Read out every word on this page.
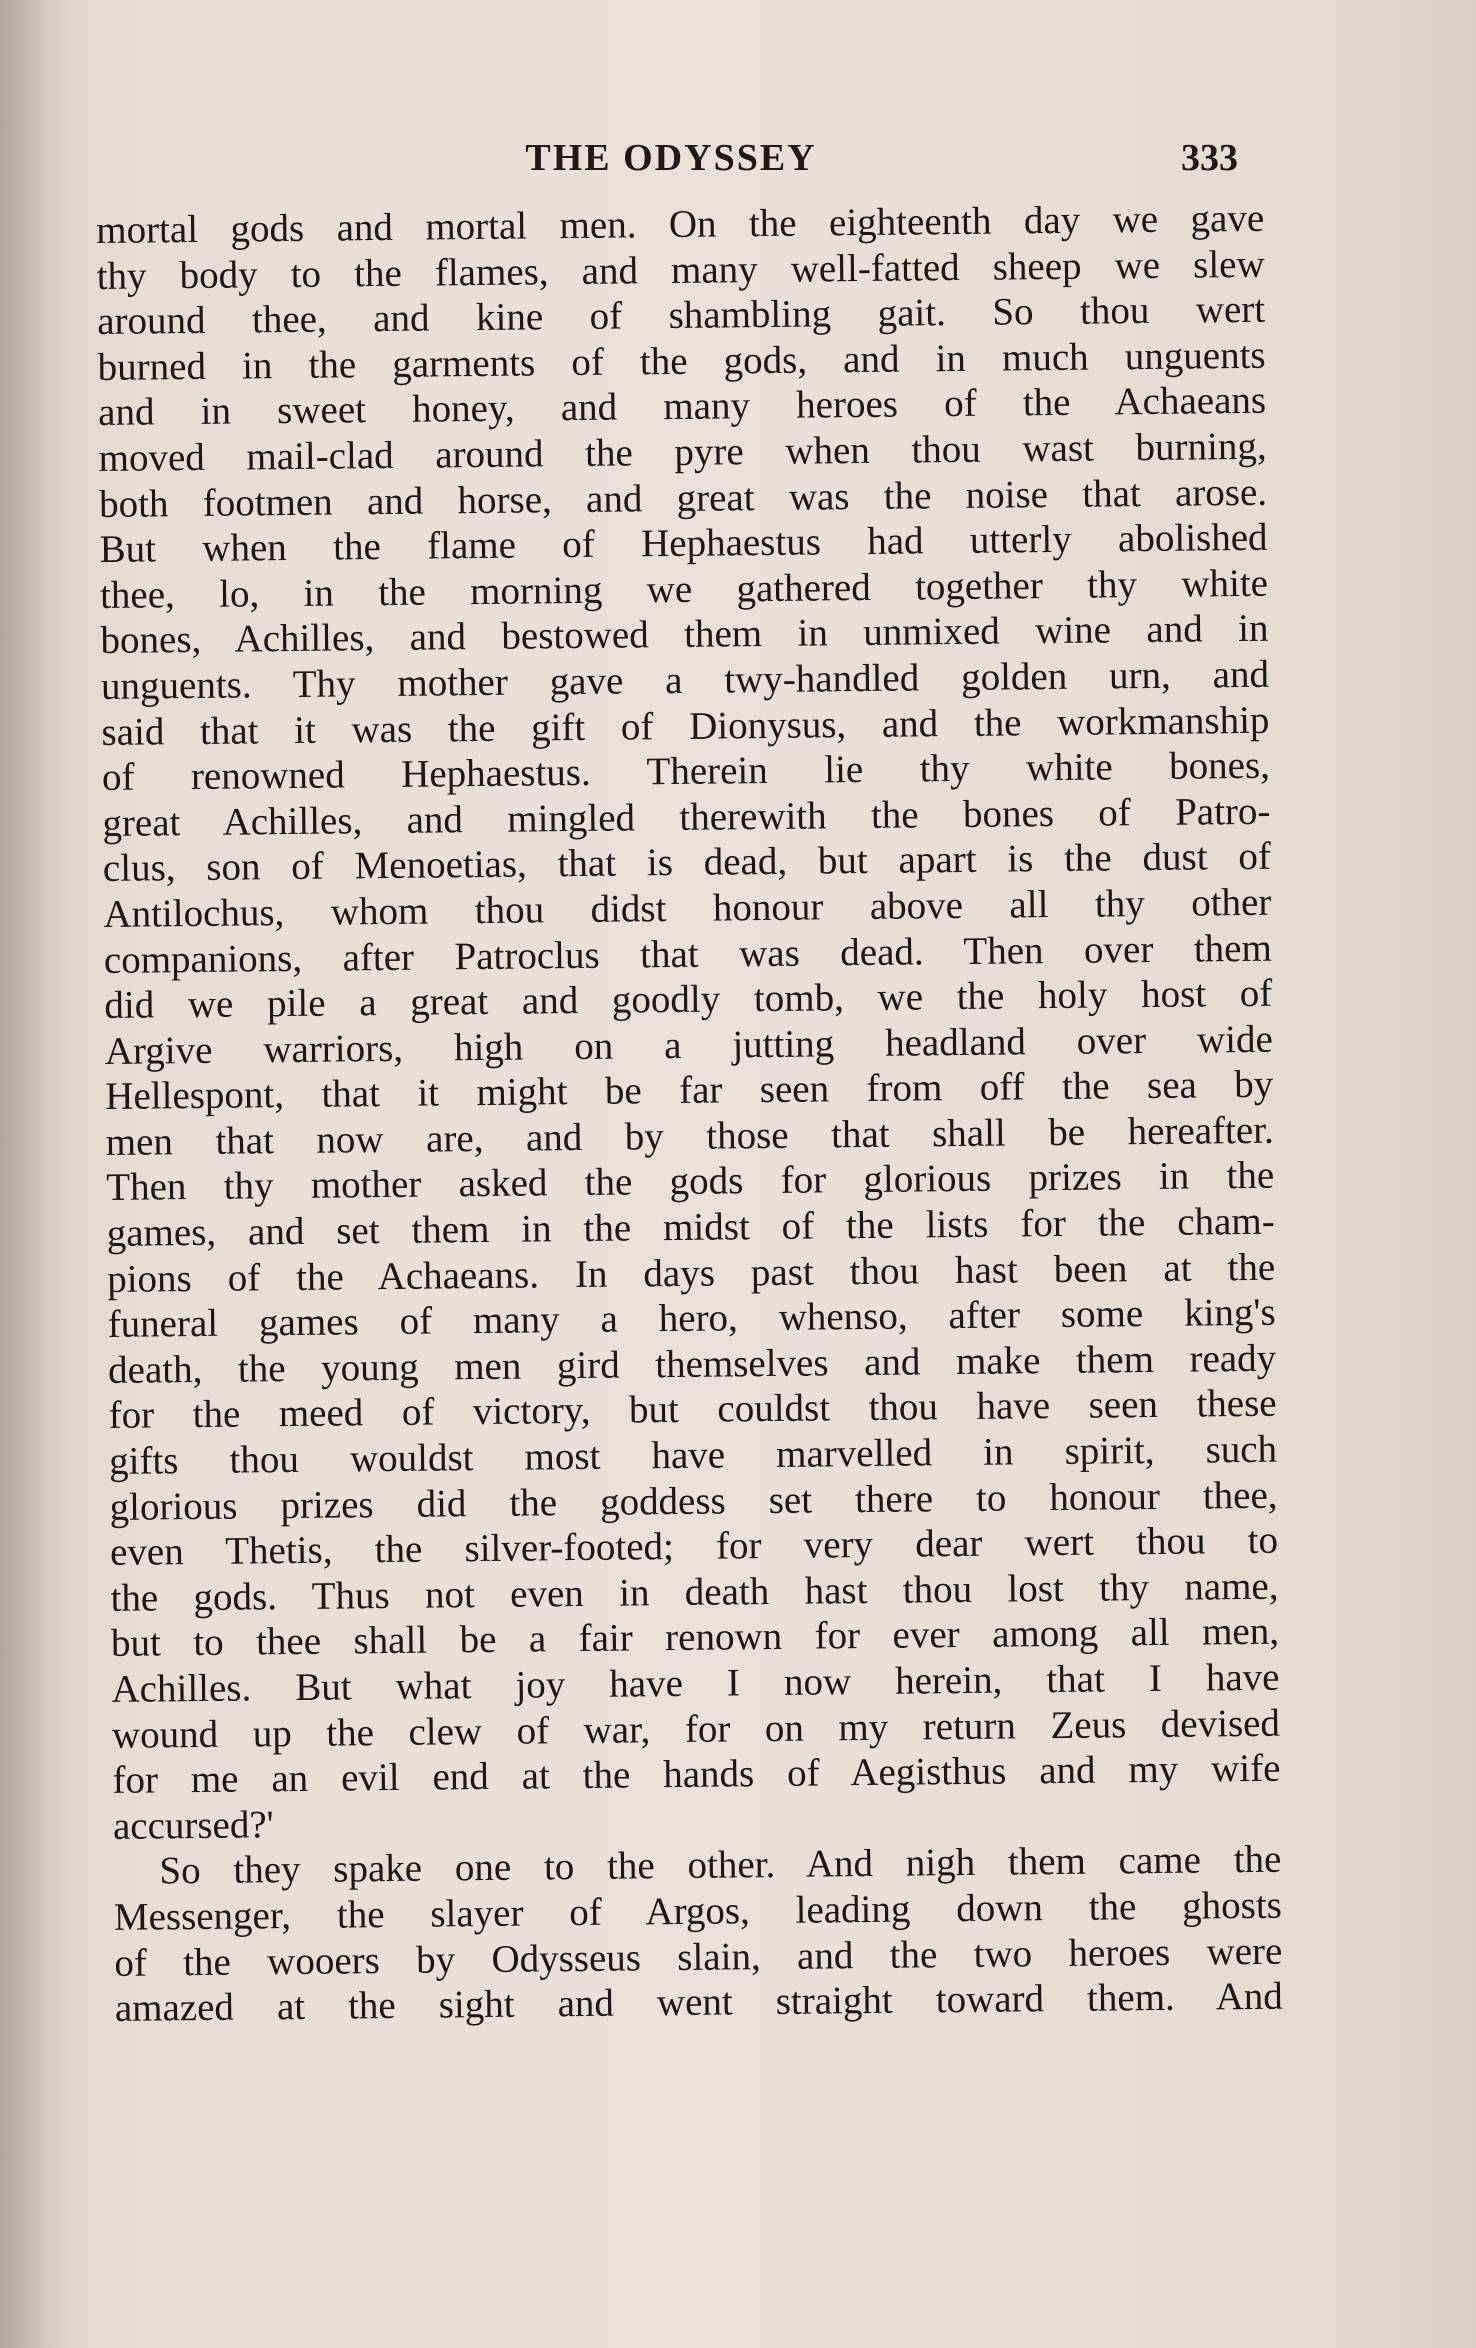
THE ODYSSEY	333
mortal gods and mortal men. On the eighteenth day we gave
thy body to the flames, and many well-fatted sheep we slew
around thee, and kine of shambling gait. So thou wert
burned in the garments of the gods, and in much unguents
and in sweet honey, and many heroes of the Achaeans
moved mail-clad around the pyre when thou wast burning,
both footmen and horse, and great was the noise that arose.
But when the flame of Hephaestus had utterly abolished
thee, lo, in the morning we gathered together thy white
bones, Achilles, and bestowed them in unmixed wine and in
unguents. Thy mother gave a twy-handled golden urn, and
said that it was the gift of Dionysus, and the workmanship
of renowned Hephaestus. Therein lie thy white bones,
great Achilles, and mingled therewith the bones of Patro-
clus, son of Menoetias, that is dead, but apart is the dust of
Antilochus, whom thou didst honour above all thy other
companions, after Patroclus that was dead. Then over them
did we pile a great and goodly tomb, we the holy host of
Argive warriors, high on a jutting headland over wide
Hellespont, that it might be far seen from off the sea by
men that now are, and by those that shall be hereafter.
Then thy mother asked the gods for glorious prizes in the
games, and set them in the midst of the lists for the cham-
pions of the Achaeans. In days past thou hast been at the
funeral games of many a hero, whenso, after some king's
death, the young men gird themselves and make them ready
for the meed of victory, but couldst thou have seen these
gifts thou wouldst most have marvelled in spirit, such
glorious prizes did the goddess set there to honour thee,
even Thetis, the silver-footed; for very dear wert thou to
the gods. Thus not even in death hast thou lost thy name,
but to thee shall be a fair renown for ever among all men,
Achilles. But what joy have I now herein, that I have
wound up the clew of war, for on my return Zeus devised
for me an evil end at the hands of Aegisthus and my wife
accursed?'
So they spake one to the other. And nigh them came the
Messenger, the slayer of Argos, leading down the ghosts
of the wooers by Odysseus slain, and the two heroes were
amazed at the sight and went straight toward them. And
